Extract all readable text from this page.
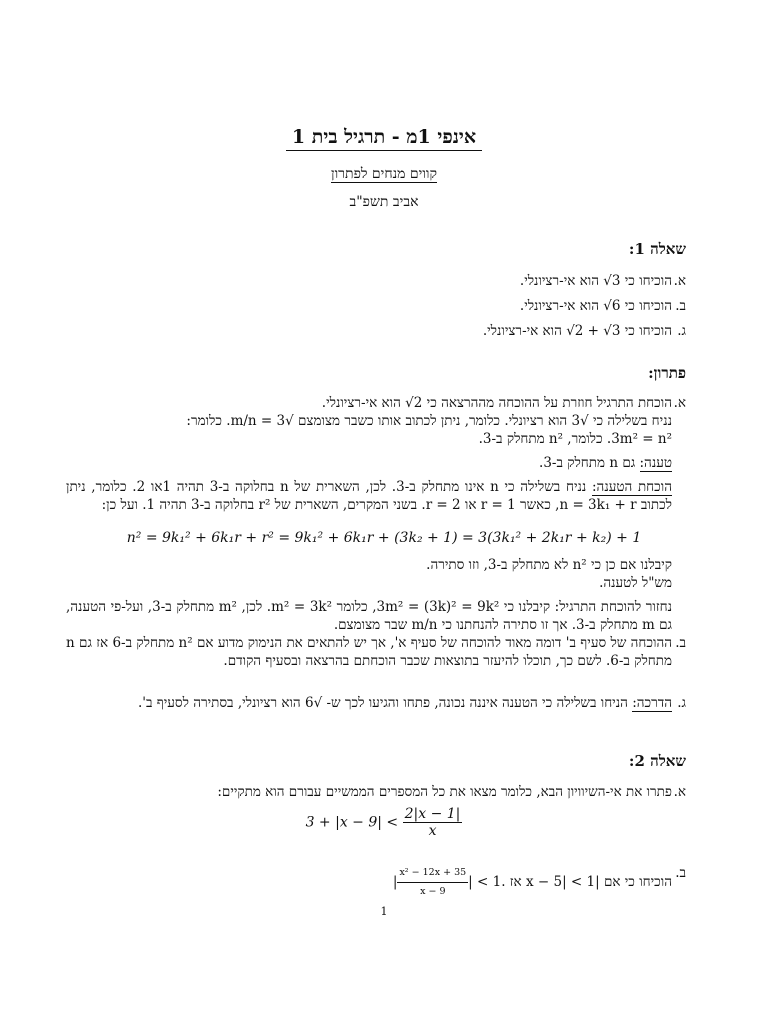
אינפי 1מ - תרגיל בית 1
קווים מנחים לפתרון
אביב תשפ"ב
שאלה 1:
א.
הוכיחו כי √3 הוא אי-רציונלי.
ב.
הוכיחו כי √6 הוא אי-רציונלי.
ג.
הוכיחו כי √2 + √3 הוא אי-רציונלי.
פתרון:
א.
הוכחת התרגיל חוזרת על ההוכחה מההרצאה כי √2 הוא אי-רציונלי.
נניח בשלילה כי √3 הוא רציונלי. כלומר, ניתן לכתוב אותו כשבר מצומצם √3 = m/n. כלומר:
3m² = n². כלומר, n² מתחלק ב-3.
טענה: גם n מתחלק ב-3.
הוכחת הטענה: נניח בשלילה כי n אינו מתחלק ב-3. לכן, השארית של n בחלוקה ב-3 תהיה 1או 2. כלומר, ניתן לכתוב n = 3k₁ + r, כאשר r = 1 או r = 2. בשני המקרים, השארית של r² בחלוקה ב-3 תהיה 1. ועל כן:
n² = 9k₁² + 6k₁r + r² = 9k₁² + 6k₁r + (3k₂ + 1) = 3(3k₁² + 2k₁r + k₂) + 1
קיבלנו אם כן כי n² לא מתחלק ב-3, וזו סתירה.
מש"ל לטענה.
נחזור להוכחת התרגיל: קיבלנו כי 3m² = (3k)² = 9k², כלומר m² = 3k². לכן, m² מתחלק ב-3, ועל-פי הטענה, גם m מתחלק ב-3. אך זו סתירה להנחתנו כי m/n שבר מצומצם.
ב.
ההוכחה של סעיף ב' דומה מאוד להוכחה של סעיף א', אך יש להתאים את הנימוק מדוע אם n² מתחלק ב-6 אז גם n מתחלק ב-6. לשם כך, תוכלו להיעזר בתוצאות שכבר הוכחתם בהרצאה ובסעיף הקודם.
ג.
הדרכה: הניחו בשלילה כי הטענה איננה נכונה, פתחו והגיעו לכך ש- √6 הוא רציונלי, בסתירה לסעיף ב'.
שאלה 2:
א.
פתרו את אי-השיוויון הבא, כלומר מצאו את כל המספרים הממשיים עבורם הוא מתקיים:
$3 + |x - 9| < \frac{2|x - 1|}{x}$
ב.
הוכיחו כי אם |x − 5| < 1 אז | $\frac{\text{x² − 12x + 35}}{x - 9}$ | < 1.
1
